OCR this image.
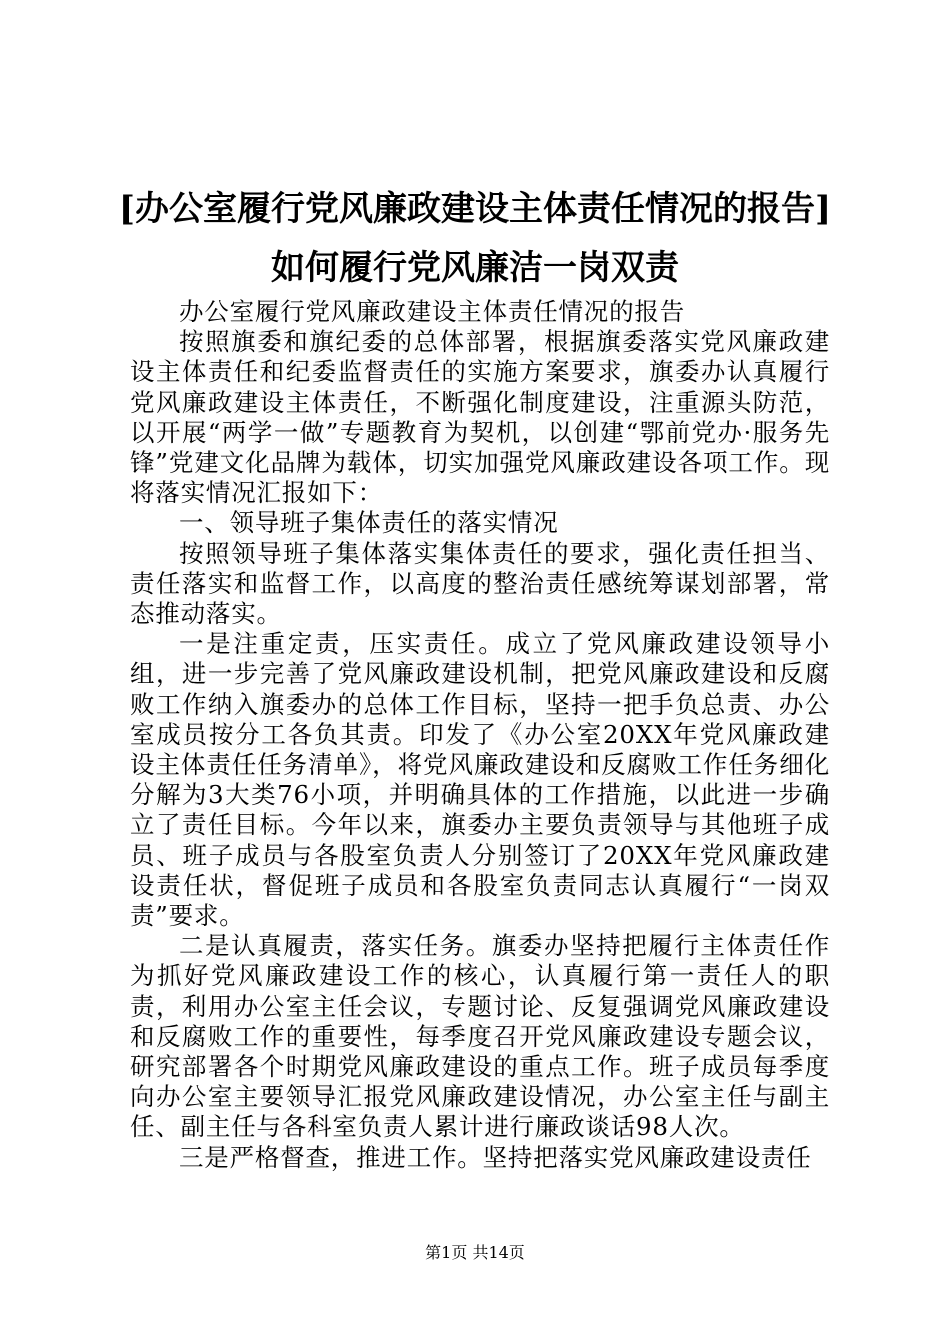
[办公室履行党风廉政建设主体责任情况的报告]如何履行党风廉洁一岗双责

办公室履行党风廉政建设主体责任情况的报告

按照旗委和旗纪委的总体部署，根据旗委落实党风廉政建设主体责任和纪委监督责任的实施方案要求，旗委办认真履行党风廉政建设主体责任，不断强化制度建设，注重源头防范，以开展“两学一做”专题教育为契机，以创建“鄂前党办·服务先锋”党建文化品牌为载体，切实加强党风廉政建设各项工作。现将落实情况汇报如下：

一、领导班子集体责任的落实情况

按照领导班子集体落实集体责任的要求，强化责任担当、责任落实和监督工作，以高度的整治责任感统筹谋划部署，常态推动落实。

一是注重定责，压实责任。成立了党风廉政建设领导小组，进一步完善了党风廉政建设机制，把党风廉政建设和反腐败工作纳入旗委办的总体工作目标，坚持一把手负总责、办公室成员按分工各负其责。印发了《办公室20XX年党风廉政建设主体责任任务清单》，将党风廉政建设和反腐败工作任务细化分解为3大类76小项，并明确具体的工作措施，以此进一步确立了责任目标。今年以来，旗委办主要负责领导与其他班子成员、班子成员与各股室负责人分别签订了20XX年党风廉政建设责任状，督促班子成员和各股室负责同志认真履行“一岗双责”要求。

二是认真履责，落实任务。旗委办坚持把履行主体责任作为抓好党风廉政建设工作的核心，认真履行第一责任人的职责，利用办公室主任会议，专题讨论、反复强调党风廉政建设和反腐败工作的重要性，每季度召开党风廉政建设专题会议，研究部署各个时期党风廉政建设的重点工作。班子成员每季度向办公室主要领导汇报党风廉政建设情况，办公室主任与副主任、副主任与各科室负责人累计进行廉政谈话98人次。

三是严格督查，推进工作。坚持把落实党风廉政建设责任

第1页 共14页
